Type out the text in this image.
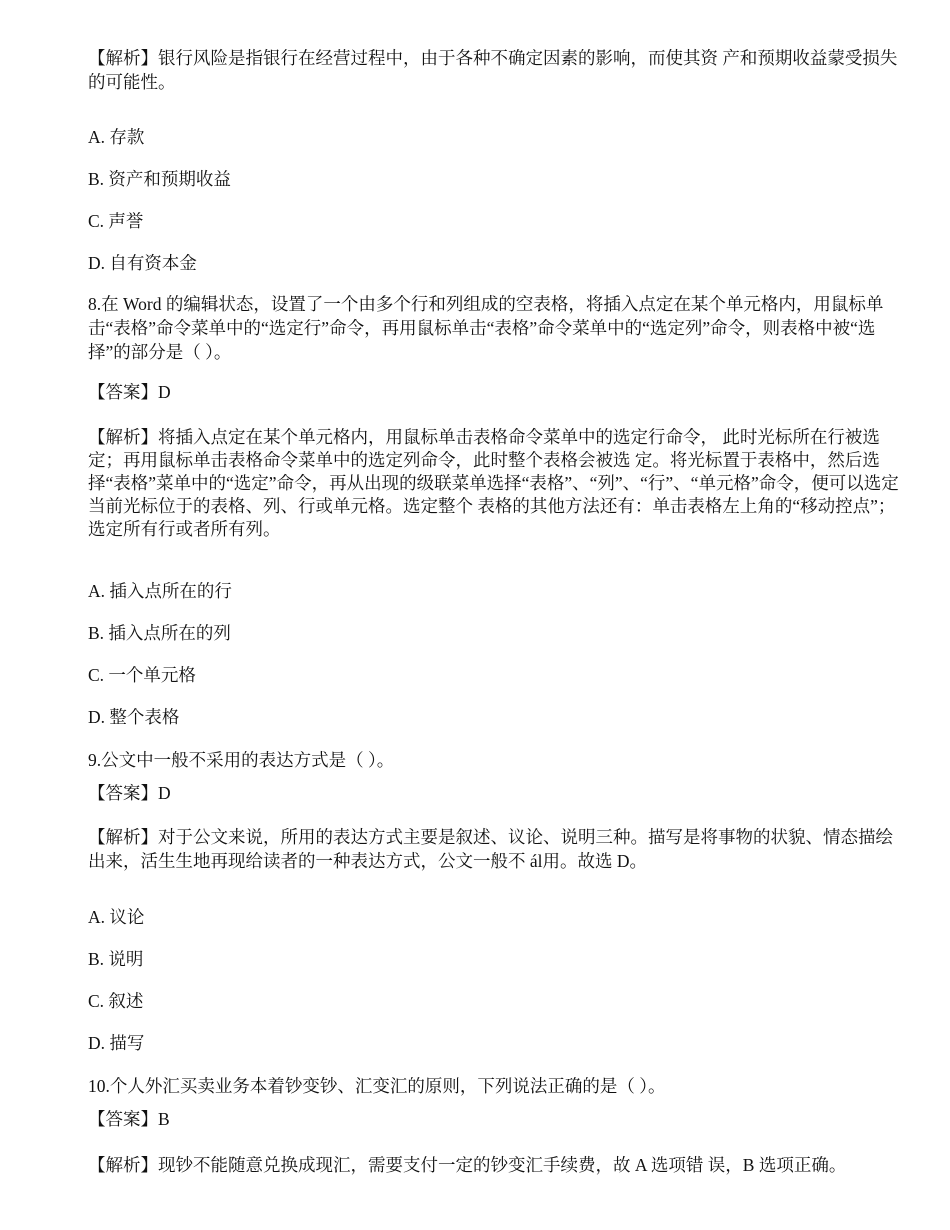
【解析】银行风险是指银行在经营过程中，由于各种不确定因素的影响，而使其资 产和预期收益蒙受损失的可能性。

A. 存款

B. 资产和预期收益

C. 声誉

D. 自有资本金

8.在 Word 的编辑状态，设置了一个由多个行和列组成的空表格，将插入点定在某个单元格内，用鼠标单击“表格”命令菜单中的“选定行”命令，再用鼠标单击“表格”命令菜单中的“选定列”命令，则表格中被“选择”的部分是（ ）。

【答案】D

【解析】将插入点定在某个单元格内，用鼠标单击表格命令菜单中的选定行命令， 此时光标所在行被选定；再用鼠标单击表格命令菜单中的选定列命令，此时整个表格会被选 定。将光标置于表格中，然后选择“表格”菜单中的“选定”命令，再从出现的级联菜单选择“表格”、“列”、“行”、“单元格”命令，便可以选定当前光标位于的表格、列、行或单元格。选定整个 表格的其他方法还有：单击表格左上角的“移动控点”；选定所有行或者所有列。

A. 插入点所在的行

B. 插入点所在的列

C. 一个单元格

D. 整个表格

9.公文中一般不采用的表达方式是（ ）。

【答案】D

【解析】对于公文来说，所用的表达方式主要是叙述、议论、说明三种。描写是将事物的状貌、情态描绘出来，活生生地再现给读者的一种表达方式，公文一般不 ál用。故选 D。

A. 议论

B. 说明

C. 叙述

D. 描写

10.个人外汇买卖业务本着钞变钞、汇变汇的原则，下列说法正确的是（ ）。

【答案】B

【解析】现钞不能随意兑换成现汇，需要支付一定的钞变汇手续费，故 A 选项错 误，B 选项正确。
